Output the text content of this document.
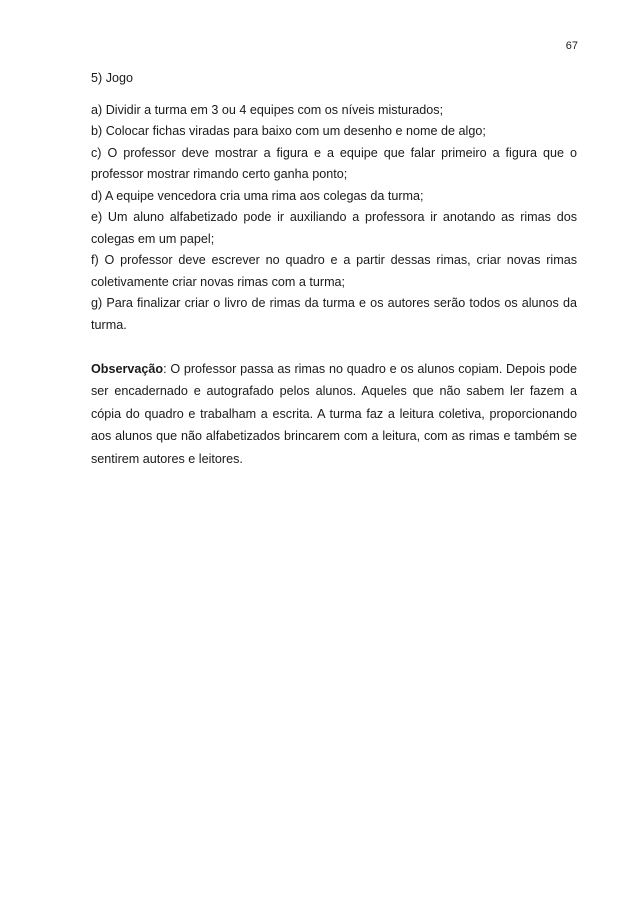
67

5) Jogo

a) Dividir a turma em 3 ou 4 equipes com os níveis misturados;

b) Colocar fichas viradas para baixo com um desenho e nome de algo;

c) O professor deve mostrar a figura e a equipe que falar primeiro a figura que o professor mostrar rimando certo ganha ponto;

d) A equipe vencedora cria uma rima aos colegas da turma;

e) Um aluno alfabetizado pode ir auxiliando a professora ir anotando as rimas dos colegas em um papel;

f) O professor deve escrever no quadro e a partir dessas rimas, criar novas rimas coletivamente criar novas rimas com a turma;

g) Para finalizar criar o livro de rimas da turma e os autores serão todos os alunos da turma.

Observação: O professor passa as rimas no quadro e os alunos copiam. Depois pode ser encadernado e autografado pelos alunos. Aqueles que não sabem ler fazem a cópia do quadro e trabalham a escrita. A turma faz a leitura coletiva, proporcionando aos alunos que não alfabetizados brincarem com a leitura, com as rimas e também se sentirem autores e leitores.
